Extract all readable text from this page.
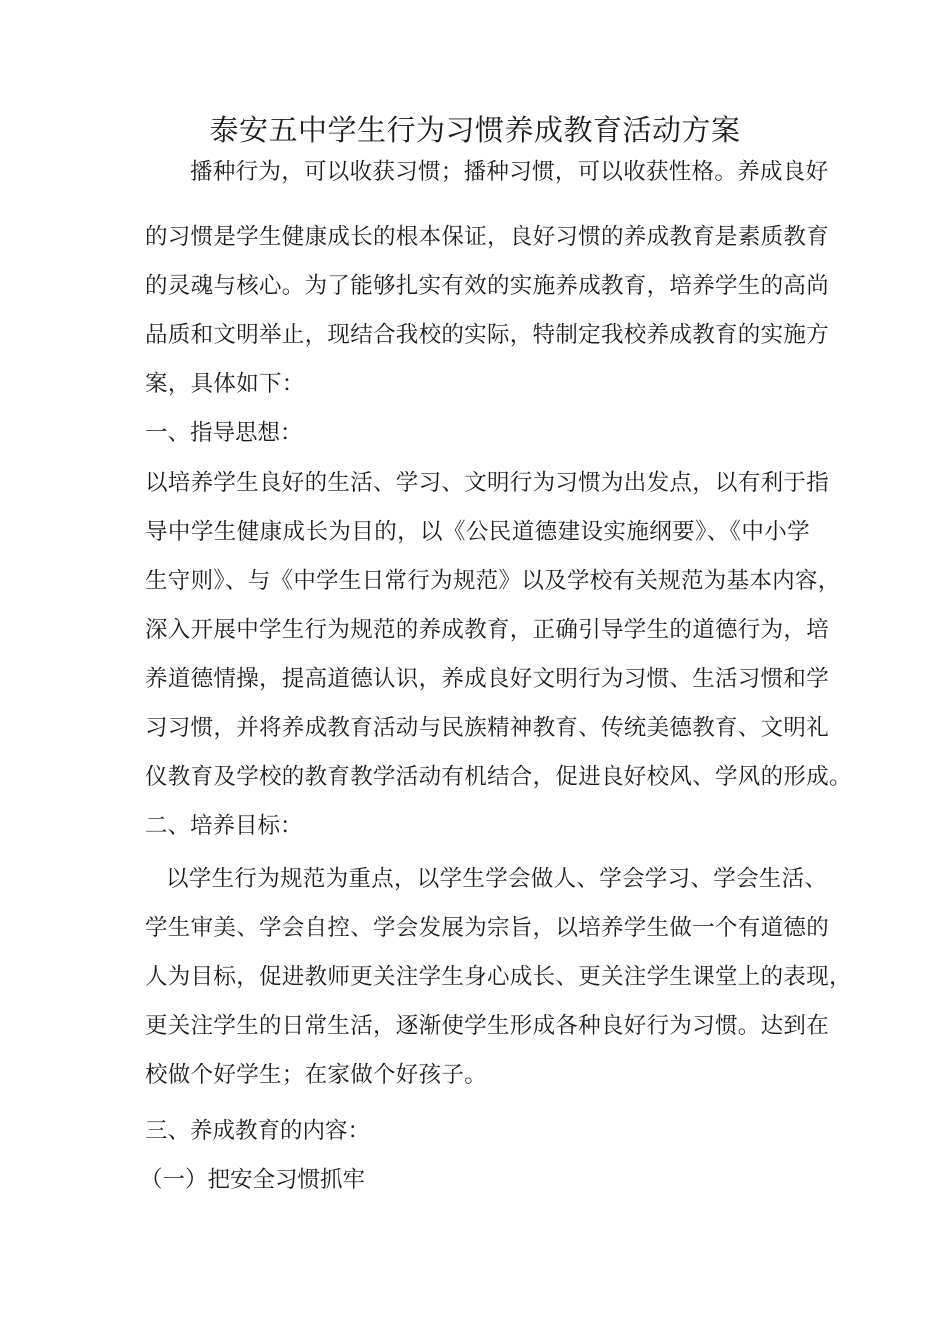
泰安五中学生行为习惯养成教育活动方案
播种行为，可以收获习惯；播种习惯，可以收获性格。养成良好
的习惯是学生健康成长的根本保证，良好习惯的养成教育是素质教育
的灵魂与核心。为了能够扎实有效的实施养成教育，培养学生的高尚
品质和文明举止，现结合我校的实际，特制定我校养成教育的实施方
案，具体如下：
一、指导思想：
以培养学生良好的生活、学习、文明行为习惯为出发点，以有利于指
导中学生健康成长为目的，以《公民道德建设实施纲要》、《中小学
生守则》、与《中学生日常行为规范》以及学校有关规范为基本内容，
深入开展中学生行为规范的养成教育，正确引导学生的道德行为，培
养道德情操，提高道德认识，养成良好文明行为习惯、生活习惯和学
习习惯，并将养成教育活动与民族精神教育、传统美德教育、文明礼
仪教育及学校的教育教学活动有机结合，促进良好校风、学风的形成。
二、培养目标：
以学生行为规范为重点，以学生学会做人、学会学习、学会生活、
学生审美、学会自控、学会发展为宗旨，以培养学生做一个有道德的
人为目标，促进教师更关注学生身心成长、更关注学生课堂上的表现，
更关注学生的日常生活，逐渐使学生形成各种良好行为习惯。达到在
校做个好学生；在家做个好孩子。
三、养成教育的内容：
（一）把安全习惯抓牢
